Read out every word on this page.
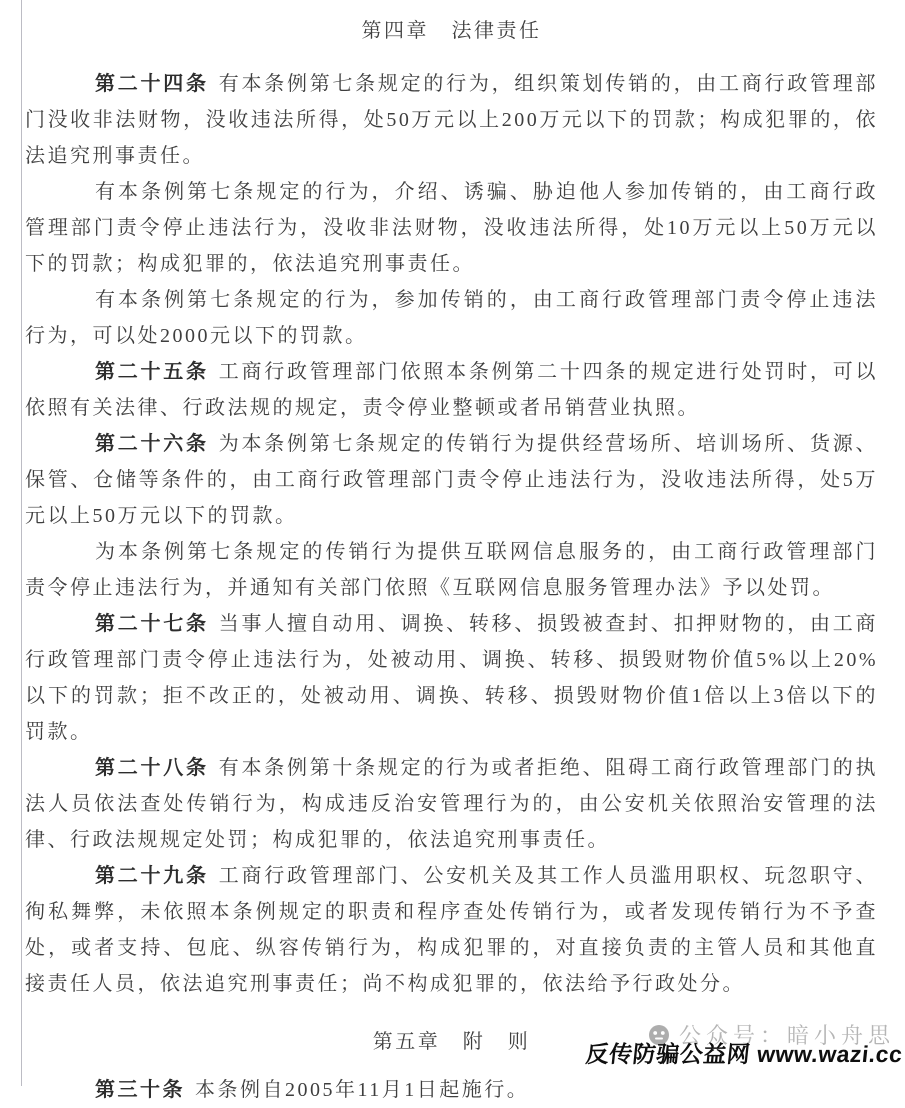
第四章　法律责任

第二十四条 有本条例第七条规定的行为，组织策划传销的，由工商行政管理部门没收非法财物，没收违法所得，处50万元以上200万元以下的罚款；构成犯罪的，依法追究刑事责任。

有本条例第七条规定的行为，介绍、诱骗、胁迫他人参加传销的，由工商行政管理部门责令停止违法行为，没收非法财物，没收违法所得，处10万元以上50万元以下的罚款；构成犯罪的，依法追究刑事责任。

有本条例第七条规定的行为，参加传销的，由工商行政管理部门责令停止违法行为，可以处2000元以下的罚款。

第二十五条 工商行政管理部门依照本条例第二十四条的规定进行处罚时，可以依照有关法律、行政法规的规定，责令停业整顿或者吊销营业执照。

第二十六条 为本条例第七条规定的传销行为提供经营场所、培训场所、货源、保管、仓储等条件的，由工商行政管理部门责令停止违法行为，没收违法所得，处5万元以上50万元以下的罚款。

为本条例第七条规定的传销行为提供互联网信息服务的，由工商行政管理部门责令停止违法行为，并通知有关部门依照《互联网信息服务管理办法》予以处罚。

第二十七条 当事人擅自动用、调换、转移、损毁被查封、扣押财物的，由工商行政管理部门责令停止违法行为，处被动用、调换、转移、损毁财物价值5%以上20%以下的罚款；拒不改正的，处被动用、调换、转移、损毁财物价值1倍以上3倍以下的罚款。

第二十八条 有本条例第十条规定的行为或者拒绝、阻碍工商行政管理部门的执法人员依法查处传销行为，构成违反治安管理行为的，由公安机关依照治安管理的法律、行政法规规定处罚；构成犯罪的，依法追究刑事责任。

第二十九条 工商行政管理部门、公安机关及其工作人员滥用职权、玩忽职守、徇私舞弊，未依照本条例规定的职责和程序查处传销行为，或者发现传销行为不予查处，或者支持、包庇、纵容传销行为，构成犯罪的，对直接负责的主管人员和其他直接责任人员，依法追究刑事责任；尚不构成犯罪的，依法给予行政处分。

第五章　附　则

第三十条 本条例自2005年11月1日起施行。

公众号：暗小舟思
反传防骗公益网 www.wazi.cc
